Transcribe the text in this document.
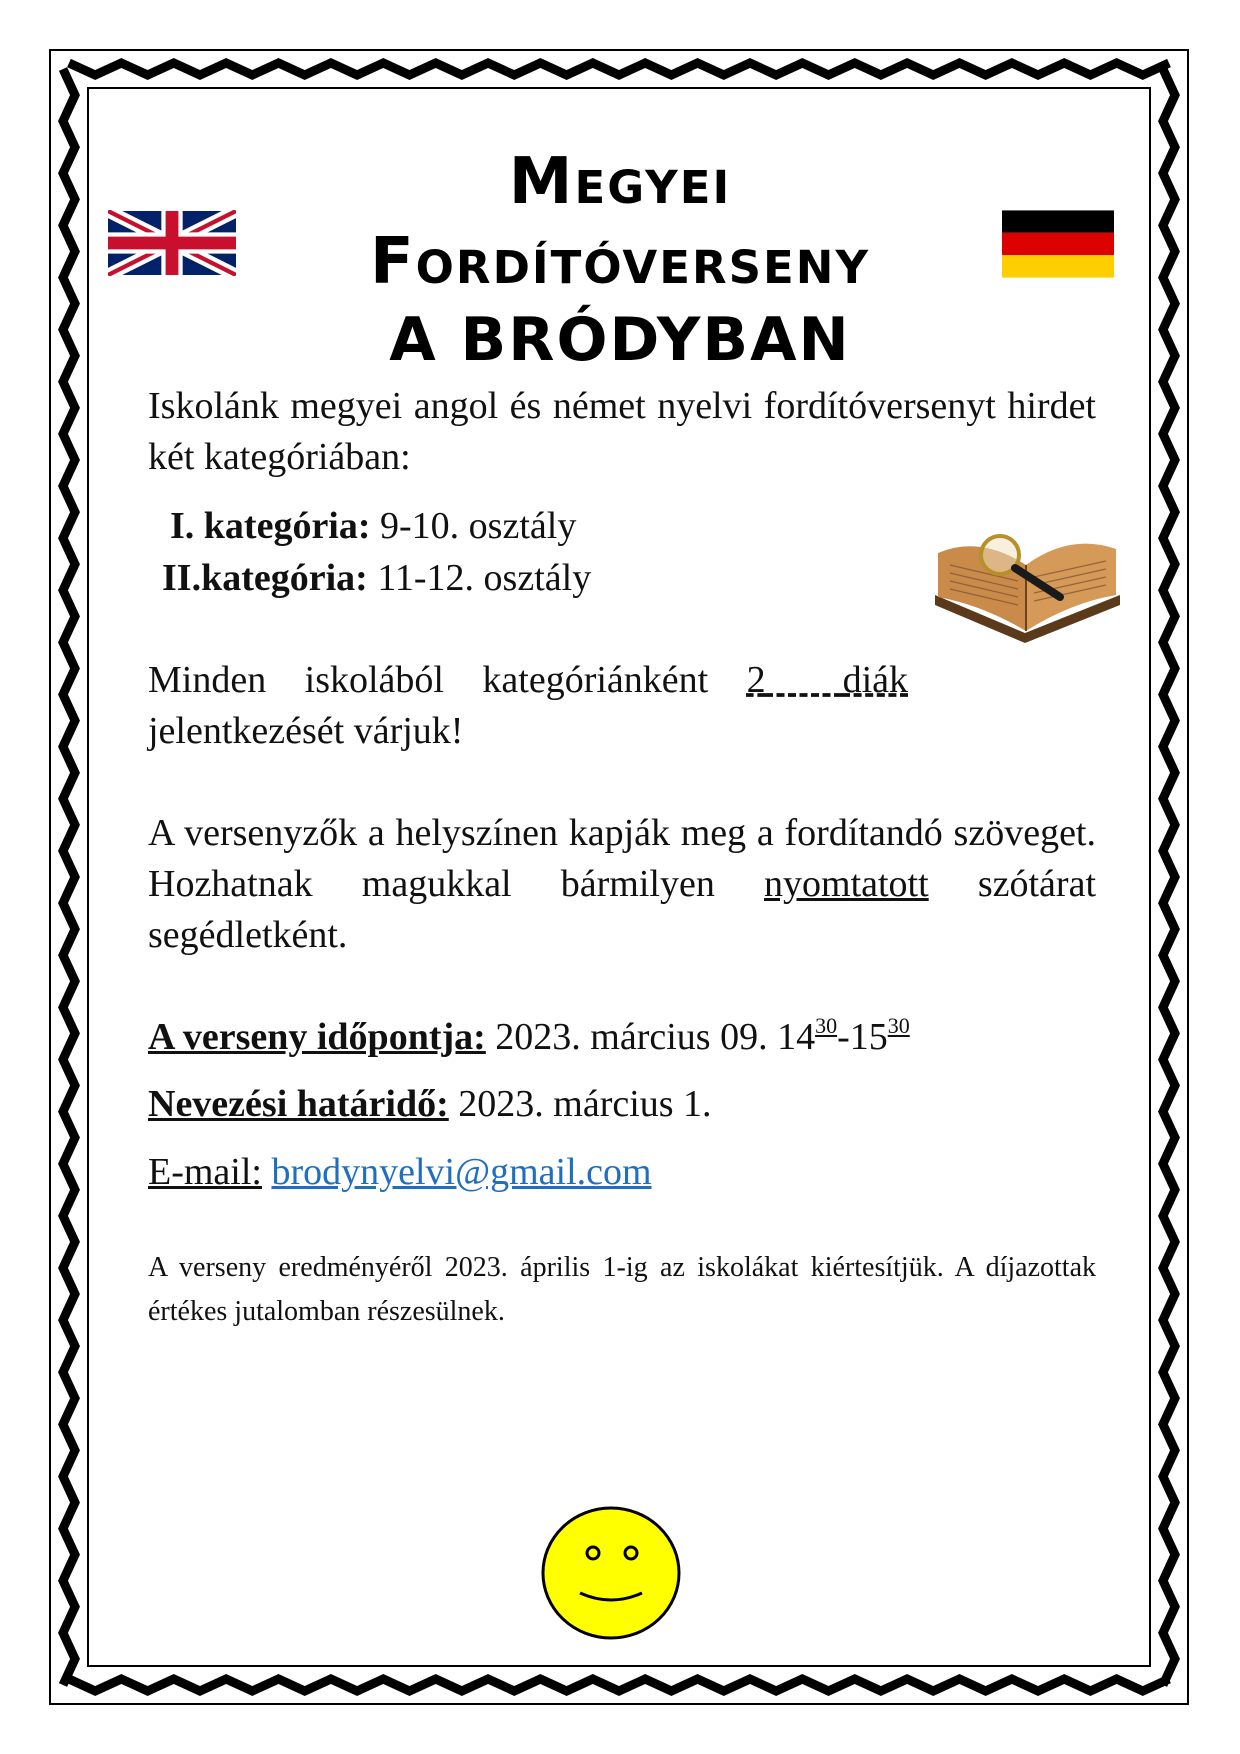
Megyei
Fordítóverseny
A BRÓDYBAN
Iskolánk megyei angol és német nyelvi fordítóversenyt hirdet két kategóriában:
I. kategória: 9-10. osztály
II.kategória: 11-12. osztály
Minden iskolából kategóriánként 2 diák jelentkezését várjuk!
A versenyzők a helyszínen kapják meg a fordítandó szöveget. Hozhatnak magukkal bármilyen nyomtatott szótárat segédletként.
A verseny időpontja: 2023. március 09. $14^{30}-15^{30}$
Nevezési határidő: 2023. március 1.
E-mail: brodynyelvi@gmail.com
A verseny eredményéről 2023. április 1-ig az iskolákat kiértesítjük. A díjazottak értékes jutalomban részesülnek.
